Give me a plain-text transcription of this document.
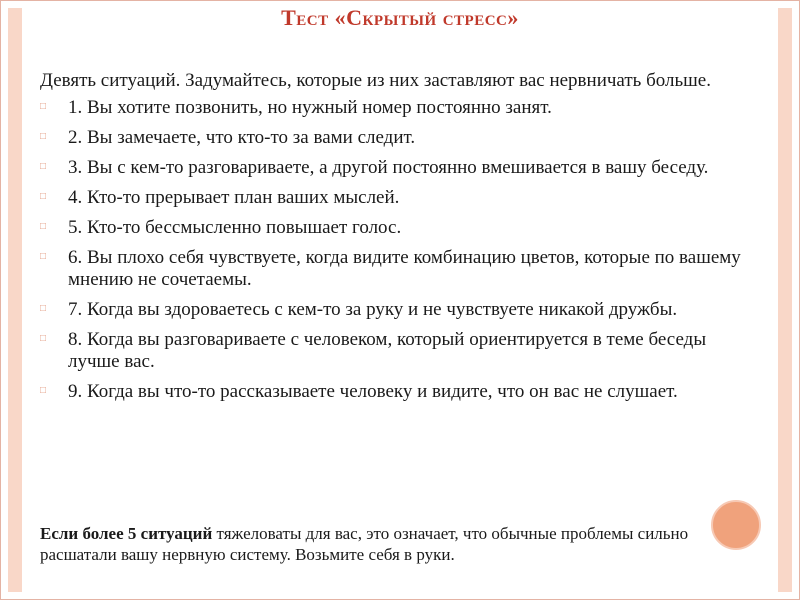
Тест «Скрытый стресс»

Девять ситуаций. Задумайтесь, которые из них заставляют вас нервничать больше.

□ 1. Вы хотите позвонить, но нужный номер постоянно занят.
□ 2. Вы замечаете, что кто-то за вами следит.
□ 3. Вы с кем-то разговариваете, а другой постоянно вмешивается в вашу беседу.
□ 4. Кто-то прерывает план ваших мыслей.
□ 5. Кто-то бессмысленно повышает голос.
□ 6. Вы плохо себя чувствуете, когда видите комбинацию цветов, которые по вашему мнению не сочетаемы.
□ 7. Когда вы здороваетесь с кем-то за руку и не чувствуете никакой дружбы.
□ 8. Когда вы разговариваете с человеком, который ориентируется в теме беседы лучше вас.
□ 9. Когда вы что-то рассказываете человеку и видите, что он вас не слушает.
Если более 5 ситуаций тяжеловаты для вас, это означает, что обычные проблемы сильно расшатали вашу нервную систему. Возьмите себя в руки.
